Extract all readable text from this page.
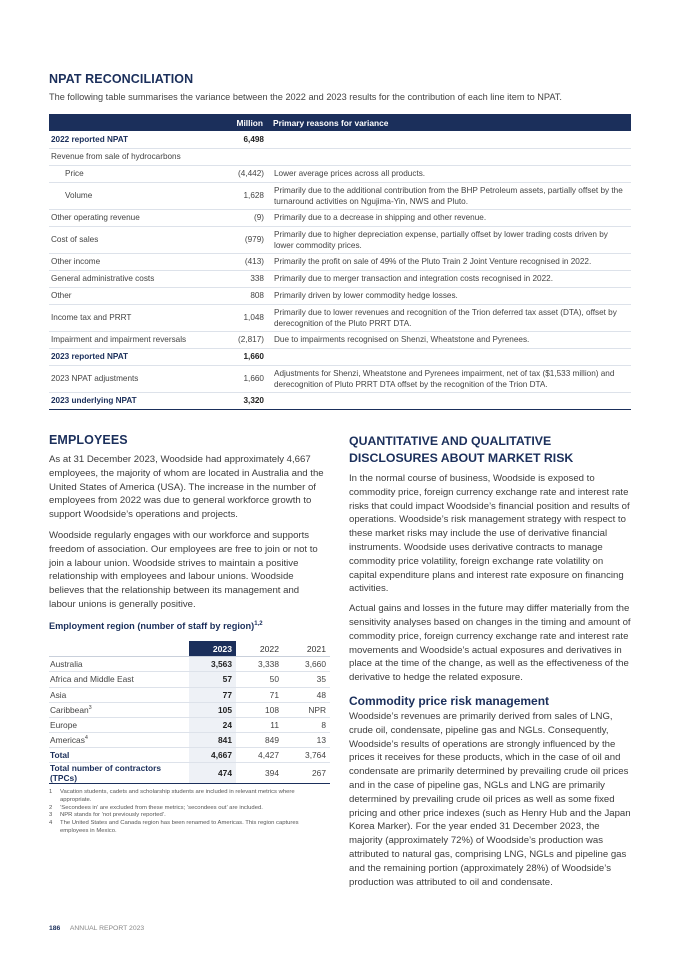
NPAT RECONCILIATION

The following table summarises the variance between the 2022 and 2023 results for the contribution of each line item to NPAT.

	Million	Primary reasons for variance
2022 reported NPAT	6,498	
Revenue from sale of hydrocarbons		
Price	(4,442)	Lower average prices across all products.
Volume	1,628	Primarily due to the additional contribution from the BHP Petroleum assets, partially offset by the turnaround activities on Ngujima-Yin, NWS and Pluto.
Other operating revenue	(9)	Primarily due to a decrease in shipping and other revenue.
Cost of sales	(979)	Primarily due to higher depreciation expense, partially offset by lower trading costs driven by lower commodity prices.
Other income	(413)	Primarily the profit on sale of 49% of the Pluto Train 2 Joint Venture recognised in 2022.
General administrative costs	338	Primarily due to merger transaction and integration costs recognised in 2022.
Other	808	Primarily driven by lower commodity hedge losses.
Income tax and PRRT	1,048	Primarily due to lower revenues and recognition of the Trion deferred tax asset (DTA), offset by derecognition of the Pluto PRRT DTA.
Impairment and impairment reversals	(2,817)	Due to impairments recognised on Shenzi, Wheatstone and Pyrenees.
2023 reported NPAT	1,660	
2023 NPAT adjustments	1,660	Adjustments for Shenzi, Wheatstone and Pyrenees impairment, net of tax ($1,533 million) and derecognition of Pluto PRRT DTA offset by the recognition of the Trion DTA.
2023 underlying NPAT	3,320	
EMPLOYEES

As at 31 December 2023, Woodside had approximately 4,667 employees, the majority of whom are located in Australia and the United States of America (USA). The increase in the number of employees from 2022 was due to general workforce growth to support Woodside’s operations and projects.

Woodside regularly engages with our workforce and supports freedom of association. Our employees are free to join or not to join a labour union. Woodside strives to maintain a positive relationship with employees and labour unions. Woodside believes that the relationship between its management and labour unions is generally positive.

Employment region (number of staff by region)$^{1,2}$
	2023	2022	2021
Australia	3,563	3,338	3,660
Africa and Middle East	57	50	35
Asia	77	71	48
Caribbean$^3$	105	108	NPR
Europe	24	11	8
Americas$^4$	841	849	13
Total	4,667	4,427	3,764
Total number of contractors (TPCs)	474	394	267
1	Vacation students, cadets and scholarship students are included in relevant metrics where appropriate.
2	‘Secondees in’ are excluded from these metrics; ‘secondees out’ are included.
3	NPR stands for ‘not previously reported’.
4	The United States and Canada region has been renamed to Americas. This region captures employees in Mexico.
QUANTITATIVE AND QUALITATIVE DISCLOSURES ABOUT MARKET RISK

In the normal course of business, Woodside is exposed to commodity price, foreign currency exchange rate and interest rate risks that could impact Woodside’s financial position and results of operations. Woodside’s risk management strategy with respect to these market risks may include the use of derivative financial instruments. Woodside uses derivative contracts to manage commodity price volatility, foreign exchange rate volatility on capital expenditure plans and interest rate exposure on financing activities.

Actual gains and losses in the future may differ materially from the sensitivity analyses based on changes in the timing and amount of commodity price, foreign currency exchange rate and interest rate movements and Woodside’s actual exposures and derivatives in place at the time of the change, as well as the effectiveness of the derivative to hedge the related exposure.

Commodity price risk management

Woodside’s revenues are primarily derived from sales of LNG, crude oil, condensate, pipeline gas and NGLs. Consequently, Woodside’s results of operations are strongly influenced by the prices it receives for these products, which in the case of oil and condensate are primarily determined by prevailing crude oil prices and in the case of pipeline gas, NGLs and LNG are primarily determined by prevailing crude oil prices as well as some fixed pricing and other price indexes (such as Henry Hub and the Japan Korea Marker). For the year ended 31 December 2023, the majority (approximately 72%) of Woodside’s production was attributed to natural gas, comprising LNG, NGLs and pipeline gas and the remaining portion (approximately 28%) of Woodside’s production was attributed to oil and condensate.

186 ANNUAL REPORT 2023
